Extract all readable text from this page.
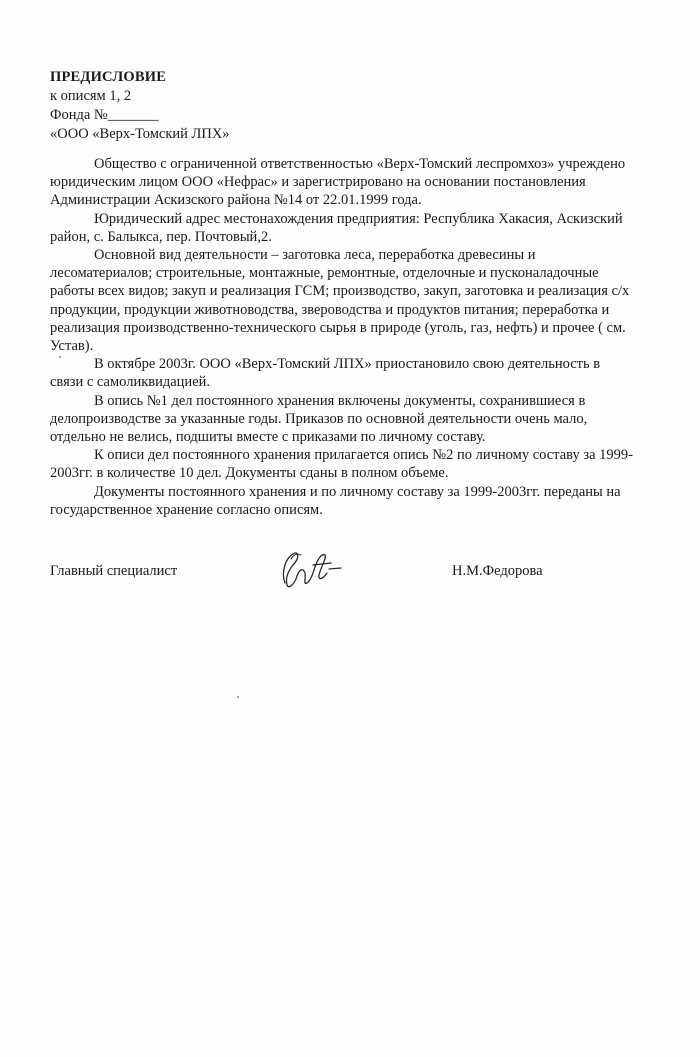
ПРЕДИСЛОВИЕ
к описям 1, 2
Фонда №_______
«ООО «Верх-Томский ЛПХ»

Общество с ограниченной ответственностью «Верх-Томский леспромхоз» учреждено юридическим лицом ООО «Нефрас» и зарегистрировано на основании постановления Администрации Аскизского района №14 от 22.01.1999 года.

Юридический адрес местонахождения предприятия: Республика Хакасия, Аскизский район, с. Балыкса, пер. Почтовый,2.

Основной вид деятельности – заготовка леса, переработка древесины и лесоматериалов; строительные, монтажные, ремонтные, отделочные и пусконаладочные работы всех видов; закуп и реализация ГСМ; производство, закуп, заготовка и реализация с/х продукции, продукции животноводства, звероводства и продуктов питания; переработка и реализация производственно-технического сырья в природе (уголь, газ, нефть) и прочее ( см. Устав).

В октябре 2003г. ООО «Верх-Томский ЛПХ» приостановило свою деятельность в связи с самоликвидацией.

В опись №1 дел постоянного хранения включены документы, сохранившиеся в делопроизводстве за указанные годы. Приказов по основной деятельности очень мало, отдельно не велись, подшиты вместе с приказами по личному составу.

К описи дел постоянного хранения прилагается опись №2 по личному составу за 1999-2003гг. в количестве 10 дел. Документы сданы в полном объеме.

Документы постоянного хранения и по личному составу за 1999-2003гг. переданы на государственное хранение согласно описям.

Главный специалист	Н.М.Федорова
